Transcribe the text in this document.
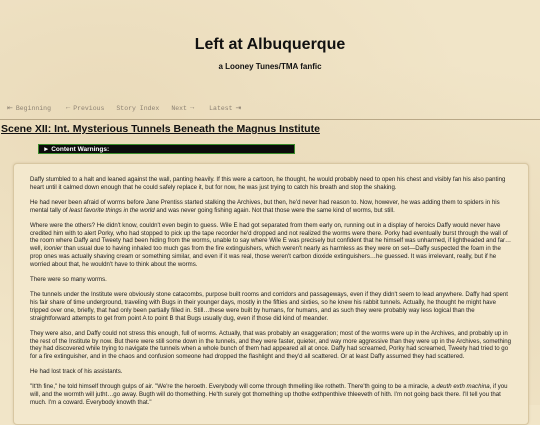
Left at Albuquerque
a Looney Tunes/TMA fanfic
⇤ Beginning ← Previous Story Index Next → Latest ⇥
Scene XII: Int. Mysterious Tunnels Beneath the Magnus Institute
► Content Warnings:

Daffy stumbled to a halt and leaned against the wall, panting heavily. If this were a cartoon, he thought, he would probably need to open his chest and visibly fan his also panting heart until it calmed down enough that he could safely replace it, but for now, he was just trying to catch his breath and stop the shaking.

He had never been afraid of worms before Jane Prentiss started stalking the Archives, but then, he'd never had reason to. Now, however, he was adding them to spiders in his mental tally of least favorite things in the world and was never going fishing again. Not that those were the same kind of worms, but still.

Where were the others? He didn't know, couldn't even begin to guess. Wile E had got separated from them early on, running out in a display of heroics Daffy would never have credited him with to alert Porky, who had stopped to pick up the tape recorder he'd dropped and not realized the worms were there. Porky had eventually burst through the wall of the room where Daffy and Tweety had been hiding from the worms, unable to say where Wile E was precisely but confident that he himself was unharmed, if lightheaded and far…well, loonier than usual due to having inhaled too much gas from the fire extinguishers, which weren't nearly as harmless as they were on set—Daffy suspected the foam in the prop ones was actually shaving cream or something similar, and even if it was real, those weren't carbon dioxide extinguishers…he guessed. It was irrelevant, really, but if he worried about that, he wouldn't have to think about the worms.

There were so many worms.

The tunnels under the Institute were obviously stone catacombs, purpose built rooms and corridors and passageways, even if they didn't seem to lead anywhere. Daffy had spent his fair share of time underground, traveling with Bugs in their younger days, mostly in the fifties and sixties, so he knew his rabbit tunnels. Actually, he thought he might have tripped over one, briefly, that had only been partially filled in. Still…these were built by humans, for humans, and as such they were probably way less logical than the straightforward attempts to get from point A to point B that Bugs usually dug, even if those did kind of meander.

They were also, and Daffy could not stress this enough, full of worms. Actually, that was probably an exaggeration; most of the worms were up in the Archives, and probably up in the rest of the Institute by now. But there were still some down in the tunnels, and they were faster, quieter, and way more aggressive than they were up in the Archives, something they had discovered while trying to navigate the tunnels when a whole bunch of them had appeared all at once. Daffy had screamed, Porky had screamed, Tweety had tried to go for a fire extinguisher, and in the chaos and confusion someone had dropped the flashlight and they'd all scattered. Or at least Daffy assumed they had scattered.

He had lost track of his assistants.

"It'th fine," he told himself through gulps of air. "We're the heroeth. Everybody will come through thmelling like rotheth. There'th going to be a miracle, a deuth exth machina, if you will, and the wormth will jutht…go away. Bugth will do thomething. He'th surely got thomething up thothe exthpenthive thleeveth of hith. I'm not going back there. I'll tell you that much. I'm a coward. Everybody knowth that."
